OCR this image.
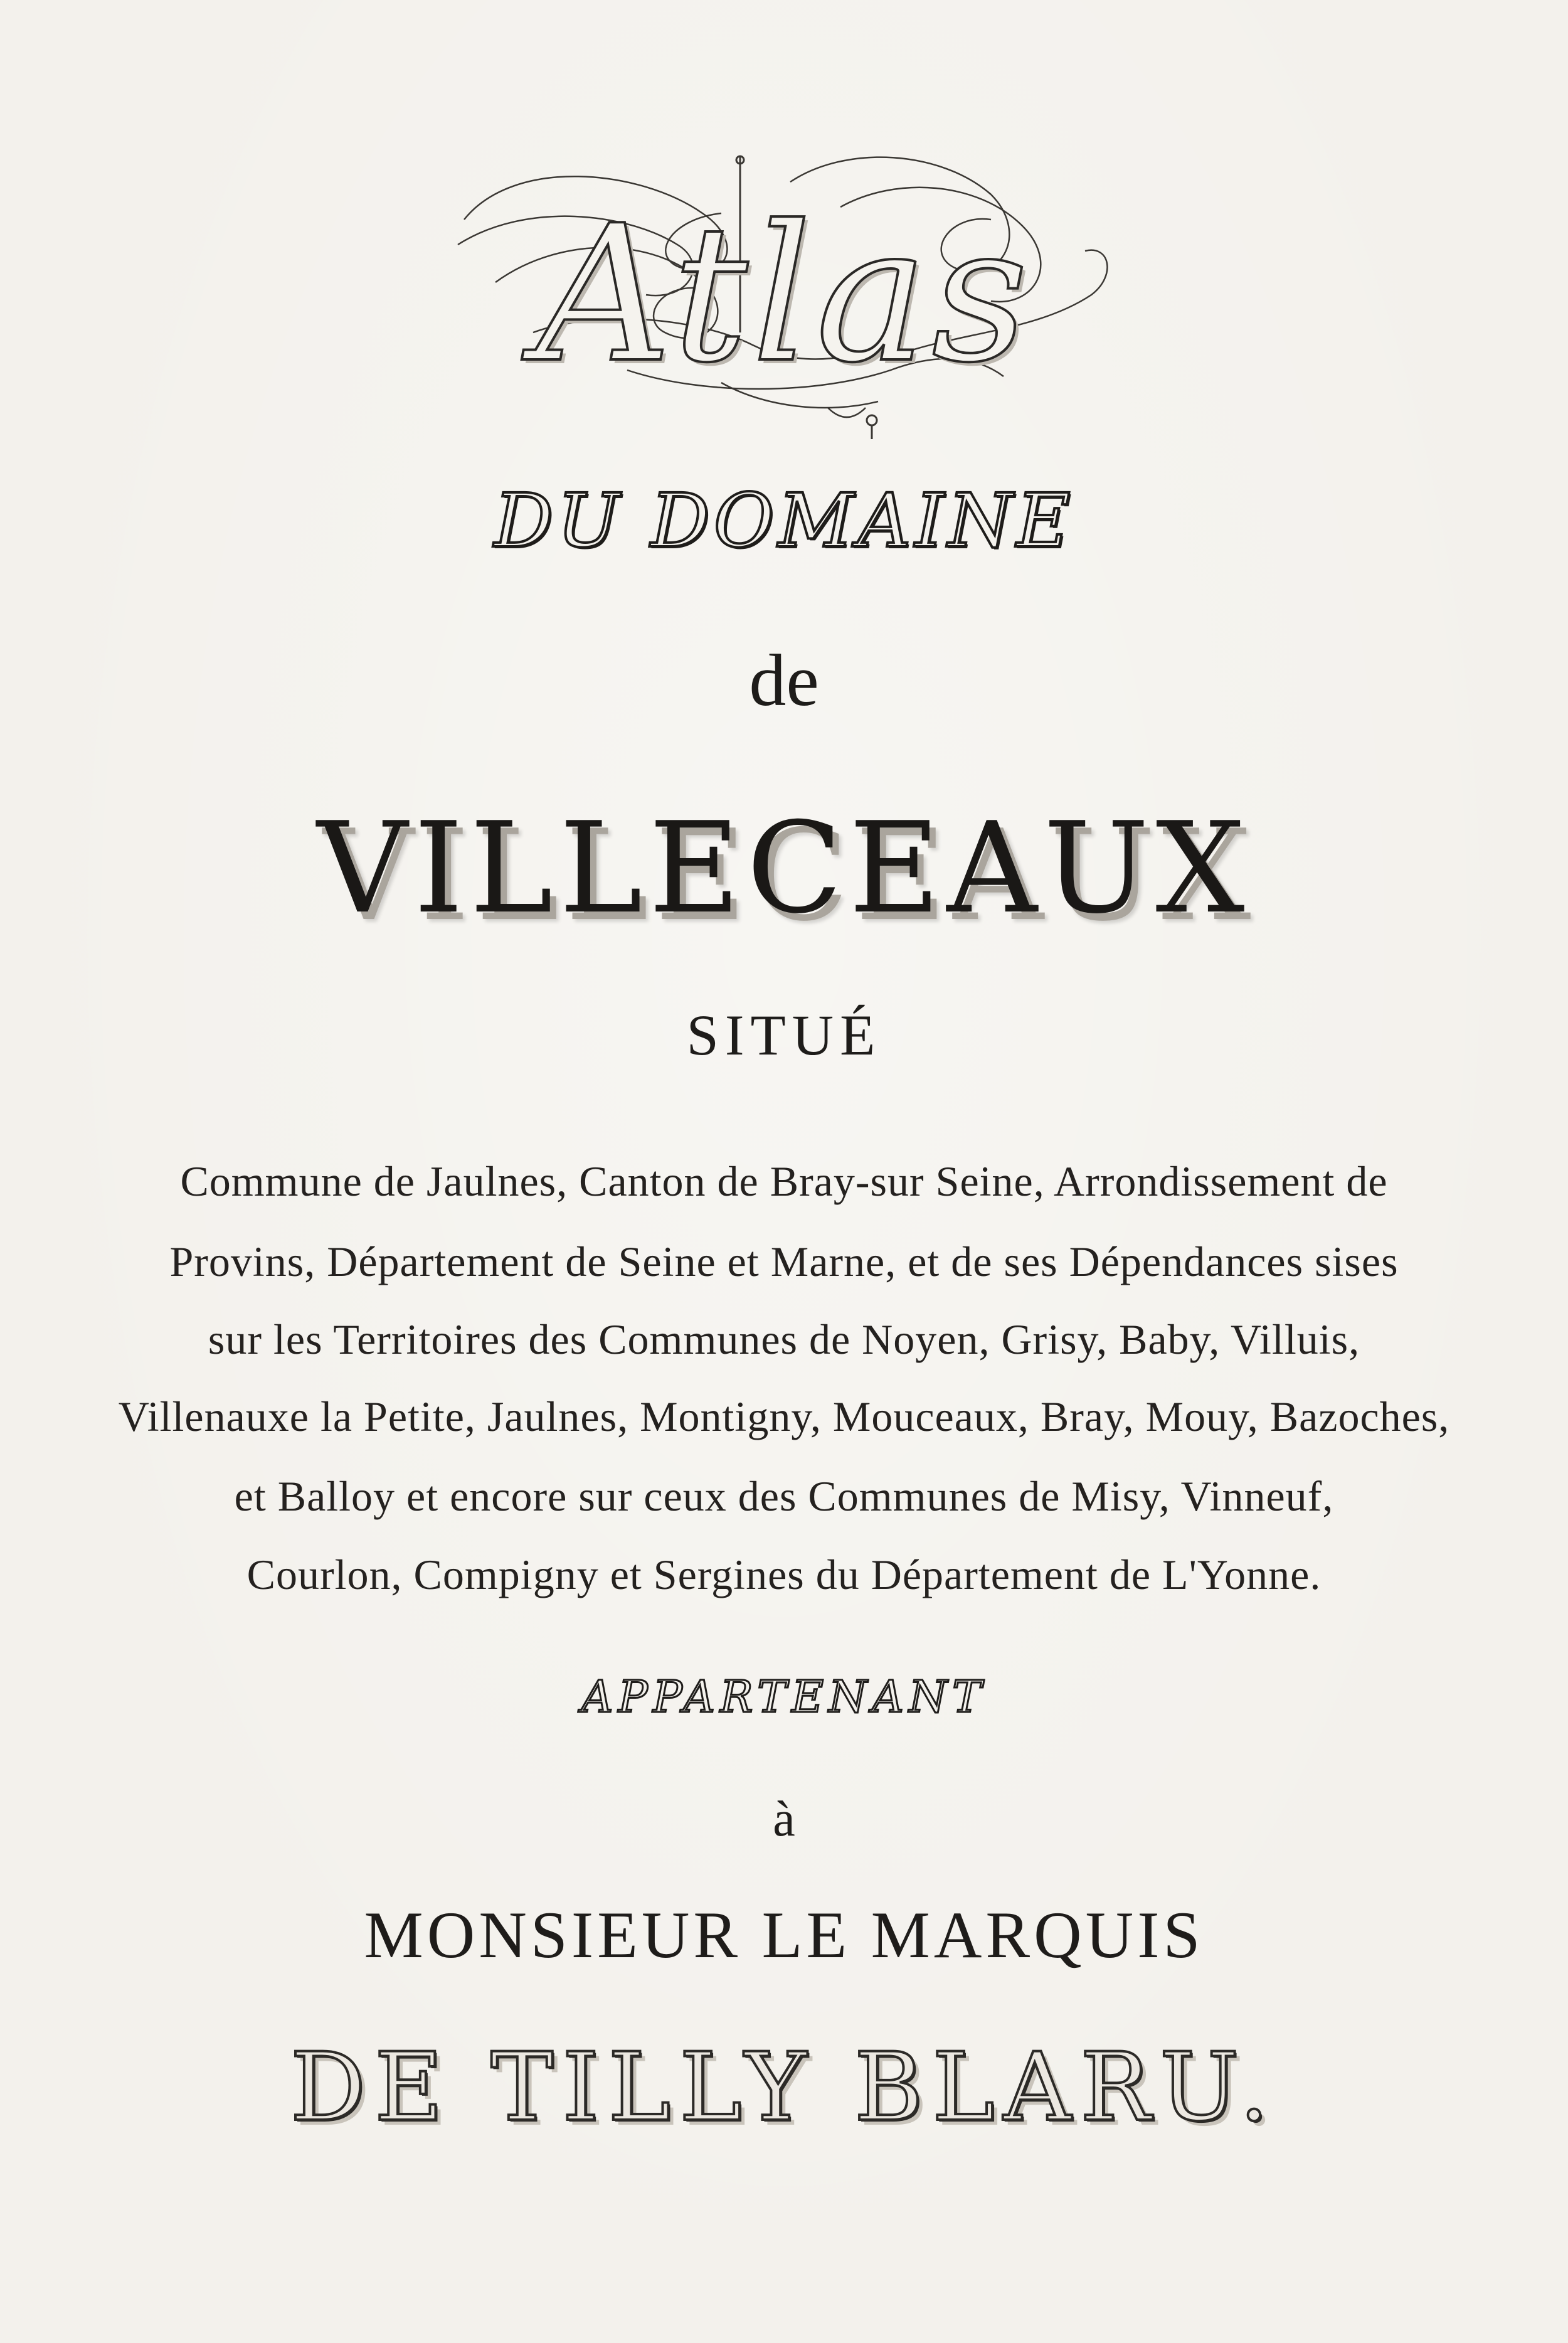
Atlas
DU DOMAINE
de
VILLECEAUX
SITUÉ
Commune de Jaulnes, Canton de Bray-sur Seine, Arrondissement de
Provins, Département de Seine et Marne, et de ses Dépendances sises
sur les Territoires des Communes de Noyen, Grisy, Baby, Villuis,
Villenauxe la Petite, Jaulnes, Montigny, Mouceaux, Bray, Mouy, Bazoches,
et Balloy et encore sur ceux des Communes de Misy, Vinneuf,
Courlon, Compigny et Sergines du Département de L'Yonne.
APPARTENANT
à
MONSIEUR LE MARQUIS
DE TILLY BLARU.
